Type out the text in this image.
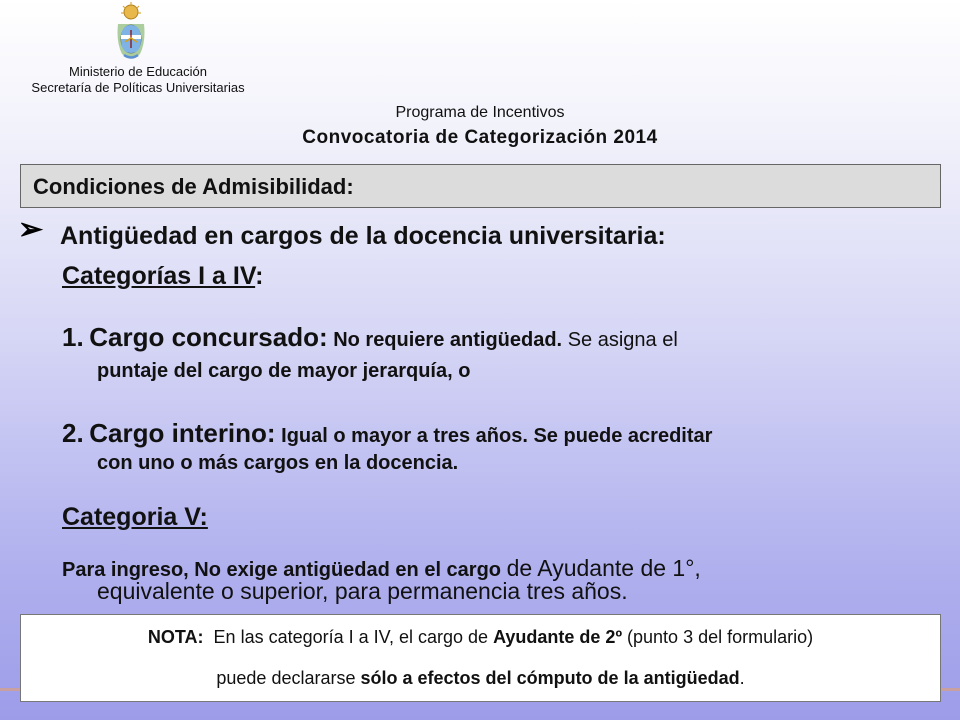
Ministerio de Educación
Secretaría de Políticas Universitarias
Programa de Incentivos
Convocatoria de Categorización 2014
Condiciones de Admisibilidad:
➢ Antigüedad en cargos de la docencia universitaria:
Categorías I a IV:
1. Cargo concursado: No requiere antigüedad. Se asigna el
puntaje del cargo de mayor jerarquía, o
2. Cargo interino: Igual o mayor a tres años. Se puede acreditar
con uno o más cargos en la docencia.
Categoria V:
Para ingreso, No exige antigüedad en el cargo de Ayudante de 1°,
equivalente o superior, para permanencia tres años.
NOTA: En las categoría I a IV, el cargo de Ayudante de 2º (punto 3 del formulario)
puede declararse sólo a efectos del cómputo de la antigüedad.
